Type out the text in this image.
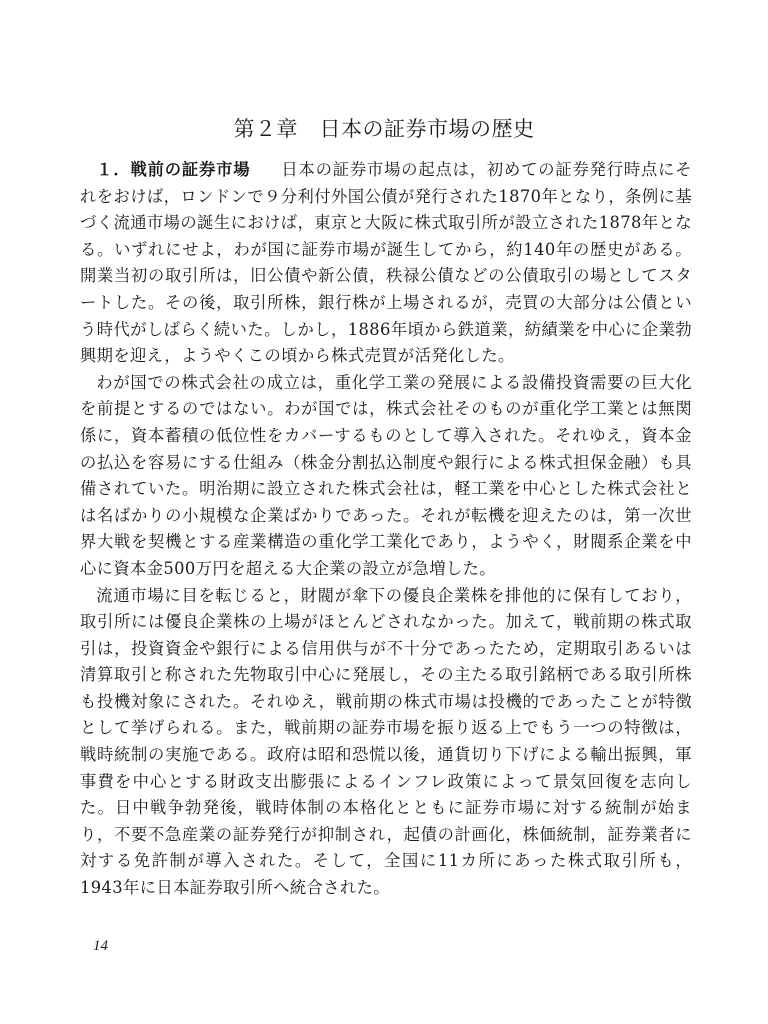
第２章　日本の証券市場の歴史

１．戦前の証券市場 日本の証券市場の起点は，初めての証券発行時点にそれをおけば，ロンドンで９分利付外国公債が発行された1870年となり，条例に基づく流通市場の誕生におけば，東京と大阪に株式取引所が設立された1878年となる。いずれにせよ，わが国に証券市場が誕生してから，約140年の歴史がある。開業当初の取引所は，旧公債や新公債，秩禄公債などの公債取引の場としてスタートした。その後，取引所株，銀行株が上場されるが，売買の大部分は公債という時代がしばらく続いた。しかし，1886年頃から鉄道業，紡績業を中心に企業勃興期を迎え，ようやくこの頃から株式売買が活発化した。

わが国での株式会社の成立は，重化学工業の発展による設備投資需要の巨大化を前提とするのではない。わが国では，株式会社そのものが重化学工業とは無関係に，資本蓄積の低位性をカバーするものとして導入された。それゆえ，資本金の払込を容易にする仕組み（株金分割払込制度や銀行による株式担保金融）も具備されていた。明治期に設立された株式会社は，軽工業を中心とした株式会社とは名ばかりの小規模な企業ばかりであった。それが転機を迎えたのは，第一次世界大戦を契機とする産業構造の重化学工業化であり，ようやく，財閥系企業を中心に資本金500万円を超える大企業の設立が急増した。

流通市場に目を転じると，財閥が傘下の優良企業株を排他的に保有しており，取引所には優良企業株の上場がほとんどされなかった。加えて，戦前期の株式取引は，投資資金や銀行による信用供与が不十分であったため，定期取引あるいは清算取引と称された先物取引中心に発展し，その主たる取引銘柄である取引所株も投機対象にされた。それゆえ，戦前期の株式市場は投機的であったことが特徴として挙げられる。また，戦前期の証券市場を振り返る上でもう一つの特徴は，戦時統制の実施である。政府は昭和恐慌以後，通貨切り下げによる輸出振興，軍事費を中心とする財政支出膨張によるインフレ政策によって景気回復を志向した。日中戦争勃発後，戦時体制の本格化とともに証券市場に対する統制が始まり，不要不急産業の証券発行が抑制され，起債の計画化，株価統制，証券業者に対する免許制が導入された。そして，全国に11カ所にあった株式取引所も，1943年に日本証券取引所へ統合された。

14
